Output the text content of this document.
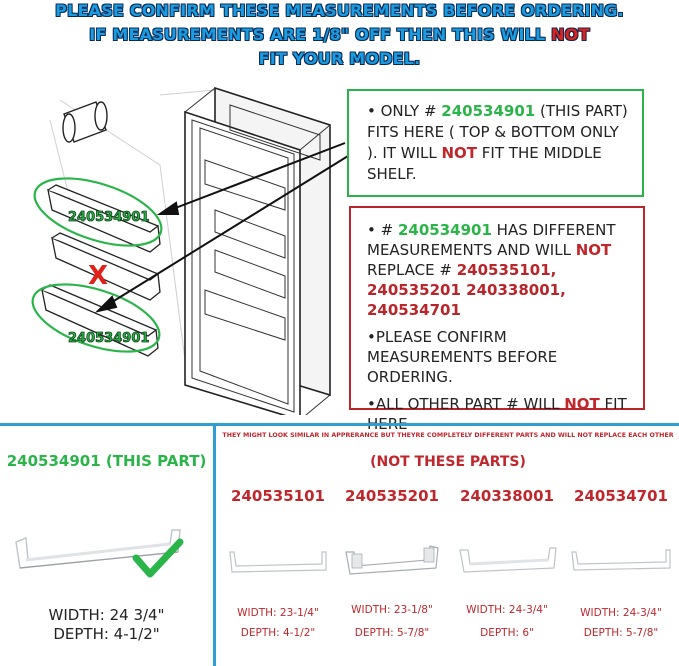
PLEASE CONFIRM THESE MEASUREMENTS BEFORE ORDERING.
IF MEASUREMENTS ARE 1/8" OFF THEN THIS WILL NOT
FIT YOUR MODEL.
X
240534901
240534901

• ONLY # 240534901 (THIS PART) FITS HERE ( TOP & BOTTOM ONLY ). IT WILL NOT FIT THE MIDDLE SHELF.

• # 240534901 HAS DIFFERENT MEASUREMENTS AND WILL NOT REPLACE # 240535101, 240535201 240338001, 240534701

•PLEASE CONFIRM MEASUREMENTS BEFORE ORDERING.

•ALL OTHER PART # WILL NOT FIT HERE

240534901 (THIS PART)
WIDTH: 24 3/4"
DEPTH: 4-1/2"
THEY MIGHT LOOK SIMILAR IN APPRERANCE BUT THEYRE COMPLETELY DIFFERENT PARTS AND WILL NOT REPLACE EACH OTHER
(NOT THESE PARTS)
240535101
WIDTH: 23-1/4"
DEPTH: 4-1/2"
240535201
WIDTH: 23-1/8"
DEPTH: 5-7/8"
240338001
WIDTH: 24-3/4"
DEPTH: 6"
240534701
WIDTH: 24-3/4"
DEPTH: 5-7/8"
